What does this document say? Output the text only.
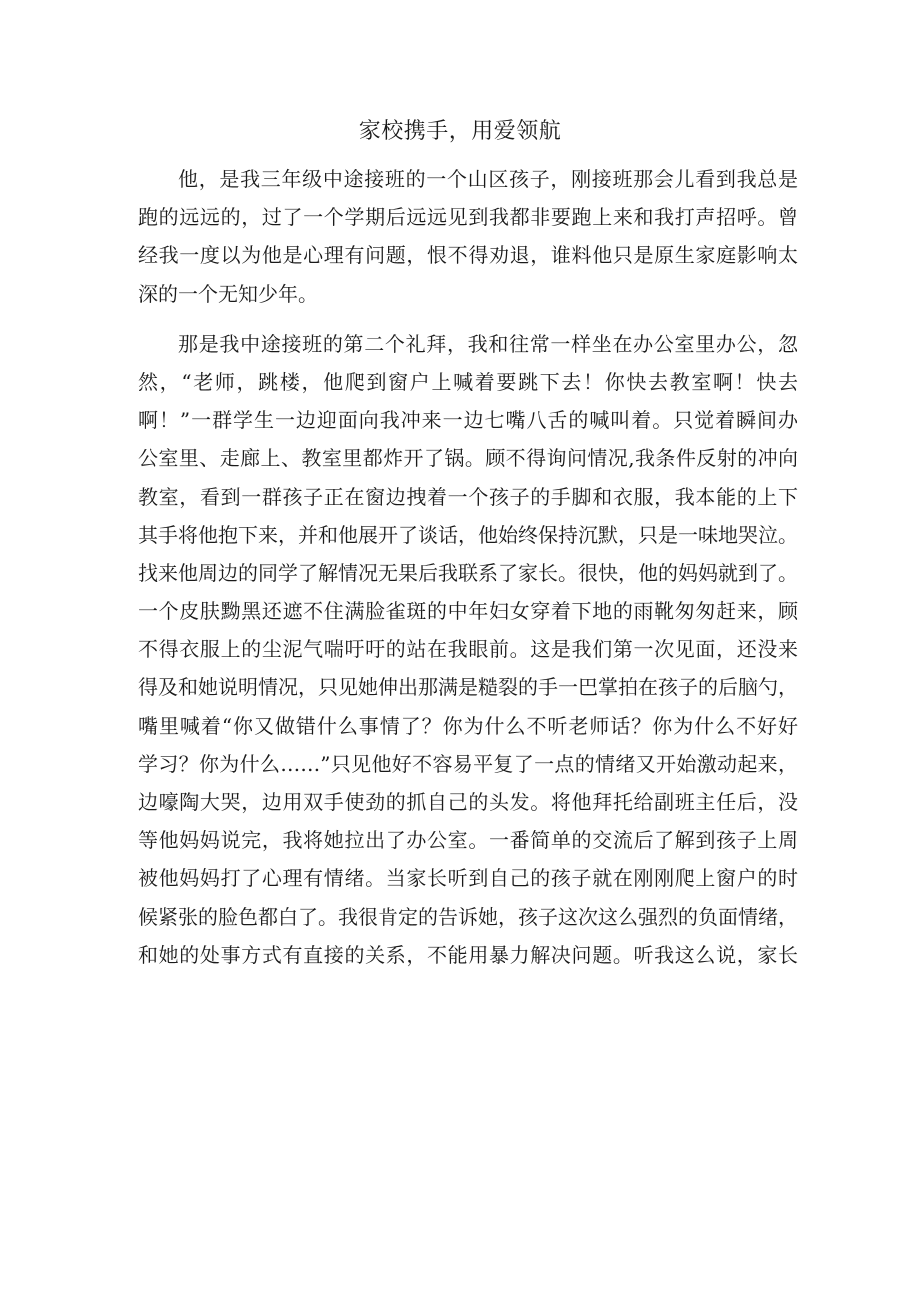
家校携手，用爱领航
他，是我三年级中途接班的一个山区孩子，刚接班那会儿看到我总是
跑的远远的，过了一个学期后远远见到我都非要跑上来和我打声招呼。曾
经我一度以为他是心理有问题，恨不得劝退，谁料他只是原生家庭影响太
深的一个无知少年。
那是我中途接班的第二个礼拜，我和往常一样坐在办公室里办公，忽
然，“老师，跳楼，他爬到窗户上喊着要跳下去！你快去教室啊！快去
啊！”一群学生一边迎面向我冲来一边七嘴八舌的喊叫着。只觉着瞬间办
公室里、走廊上、教室里都炸开了锅。顾不得询问情况,我条件反射的冲向
教室，看到一群孩子正在窗边拽着一个孩子的手脚和衣服，我本能的上下
其手将他抱下来，并和他展开了谈话，他始终保持沉默，只是一味地哭泣。
找来他周边的同学了解情况无果后我联系了家长。很快，他的妈妈就到了。
一个皮肤黝黑还遮不住满脸雀斑的中年妇女穿着下地的雨靴匆匆赶来，顾
不得衣服上的尘泥气喘吁吁的站在我眼前。这是我们第一次见面，还没来
得及和她说明情况，只见她伸出那满是糙裂的手一巴掌拍在孩子的后脑勺，
嘴里喊着“你又做错什么事情了？你为什么不听老师话？你为什么不好好
学习？你为什么……”只见他好不容易平复了一点的情绪又开始激动起来，
边嚎陶大哭，边用双手使劲的抓自己的头发。将他拜托给副班主任后，没
等他妈妈说完，我将她拉出了办公室。一番简单的交流后了解到孩子上周
被他妈妈打了心理有情绪。当家长听到自己的孩子就在刚刚爬上窗户的时
候紧张的脸色都白了。我很肯定的告诉她，孩子这次这么强烈的负面情绪，
和她的处事方式有直接的关系，不能用暴力解决问题。听我这么说，家长
